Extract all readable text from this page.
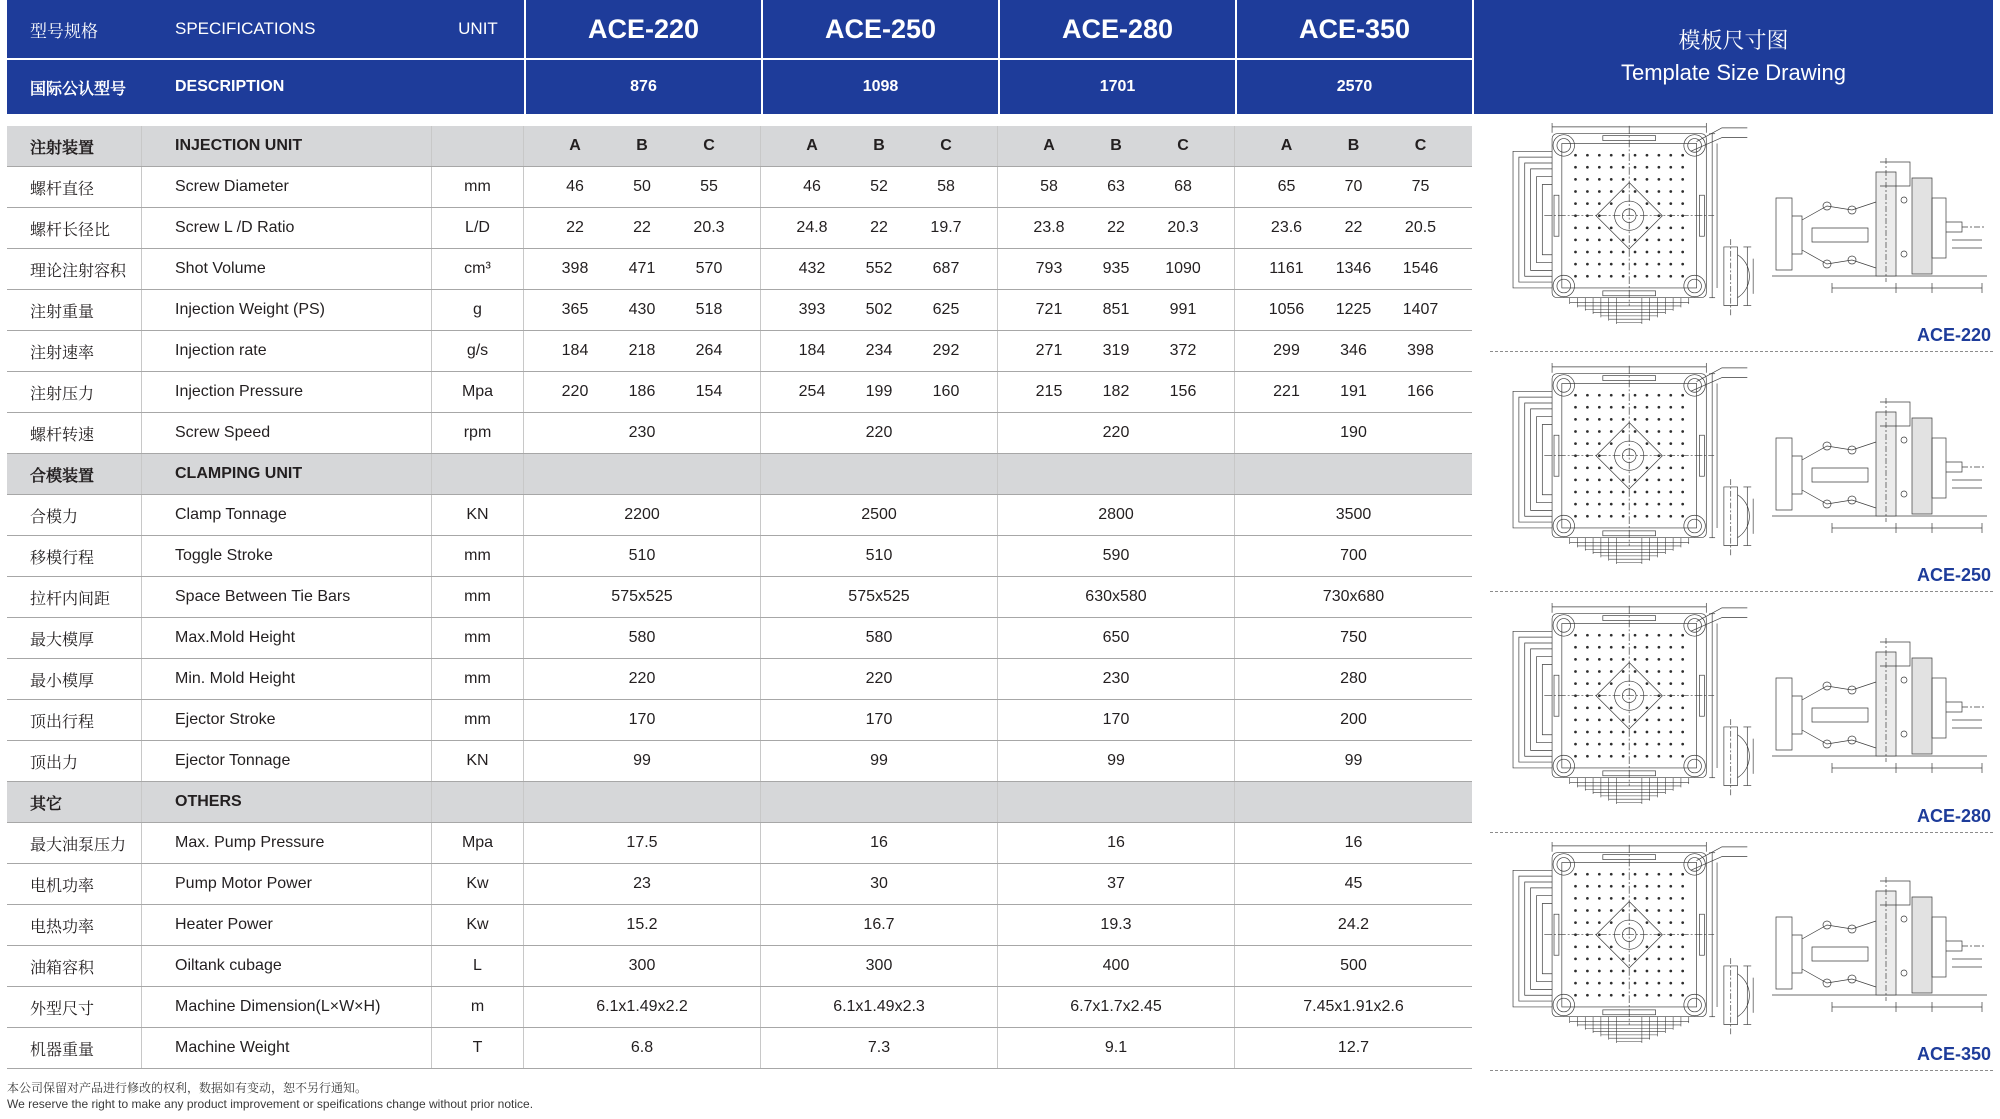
型号规格	SPECIFICATIONS	UNIT	ACE-220	ACE-250	ACE-280	ACE-350
国际公认型号	DESCRIPTION	876	1098	1701	2570
模板尺寸图
Template Size Drawing
注射装置	INJECTION UNIT	A	B	C	A	B	C	A	B	C	A	B	C
螺杆直径	Screw Diameter	mm	46	50	55	46	52	58	58	63	68	65	70	75
螺杆长径比	Screw L /D Ratio	L/D	22	22	20.3	24.8	22	19.7	23.8	22	20.3	23.6	22	20.5
理论注射容积	Shot Volume	cm³	398	471	570	432	552	687	793	935	1090	1161	1346	1546
注射重量	Injection Weight (PS)	g	365	430	518	393	502	625	721	851	991	1056	1225	1407
注射速率	Injection rate	g/s	184	218	264	184	234	292	271	319	372	299	346	398
注射压力	Injection Pressure	Mpa	220	186	154	254	199	160	215	182	156	221	191	166
螺杆转速	Screw Speed	rpm	230	220	220	190
合模装置	CLAMPING UNIT
合模力	Clamp Tonnage	KN	2200	2500	2800	3500
移模行程	Toggle Stroke	mm	510	510	590	700
拉杆内间距	Space Between Tie Bars	mm	575x525	575x525	630x580	730x680
最大模厚	Max.Mold Height	mm	580	580	650	750
最小模厚	Min. Mold Height	mm	220	220	230	280
顶出行程	Ejector Stroke	mm	170	170	170	200
顶出力	Ejector Tonnage	KN	99	99	99	99
其它	OTHERS
最大油泵压力	Max. Pump Pressure	Mpa	17.5	16	16	16
电机功率	Pump Motor Power	Kw	23	30	37	45
电热功率	Heater Power	Kw	15.2	16.7	19.3	24.2
油箱容积	Oiltank cubage	L	300	300	400	500
外型尺寸	Machine Dimension(L×W×H)	m	6.1x1.49x2.2	6.1x1.49x2.3	6.7x1.7x2.45	7.45x1.91x2.6
机器重量	Machine Weight	T	6.8	7.3	9.1	12.7
ACE-220
ACE-250
ACE-280
ACE-350
本公司保留对产品进行修改的权利，数据如有变动，恕不另行通知。
We reserve the right to make any product improvement or speifications change without prior notice.
